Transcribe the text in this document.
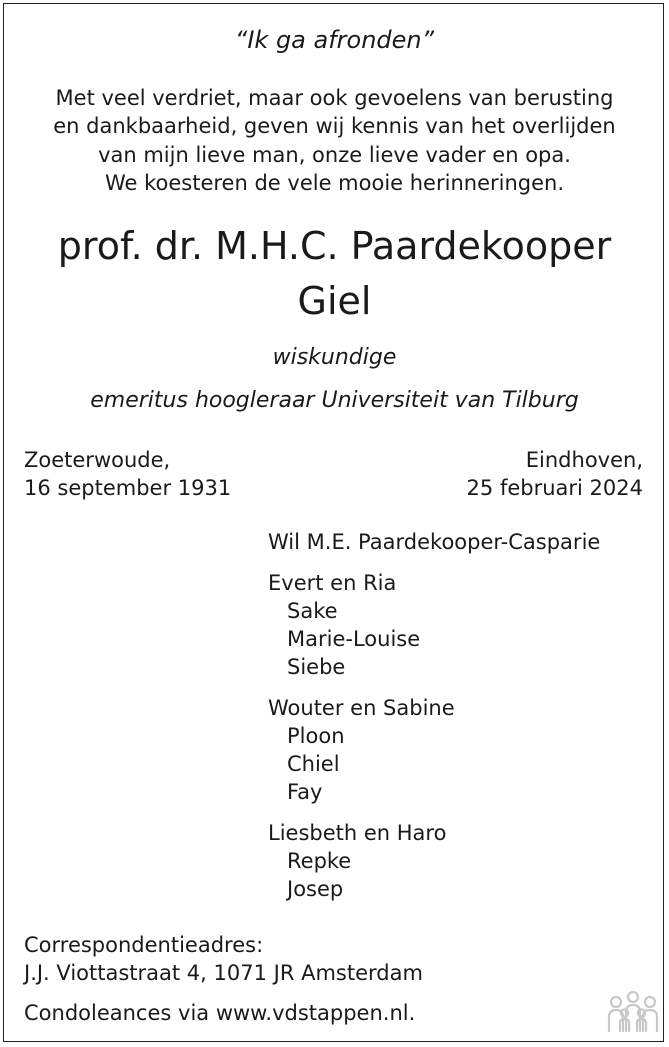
“Ik ga afronden”
Met veel verdriet, maar ook gevoelens van berusting
en dankbaarheid, geven wij kennis van het overlijden
van mijn lieve man, onze lieve vader en opa.
We koesteren de vele mooie herinneringen.
prof. dr. M.H.C. Paardekooper
Giel
wiskundige
emeritus hoogleraar Universiteit van Tilburg
Zoeterwoude,
16 september 1931
Eindhoven,
25 februari 2024
Wil M.E. Paardekooper-Casparie
Evert en Ria
Sake
Marie-Louise
Siebe
Wouter en Sabine
Ploon
Chiel
Fay
Liesbeth en Haro
Repke
Josep
Correspondentieadres:
J.J. Viottastraat 4, 1071 JR Amsterdam
Condoleances via www.vdstappen.nl.
